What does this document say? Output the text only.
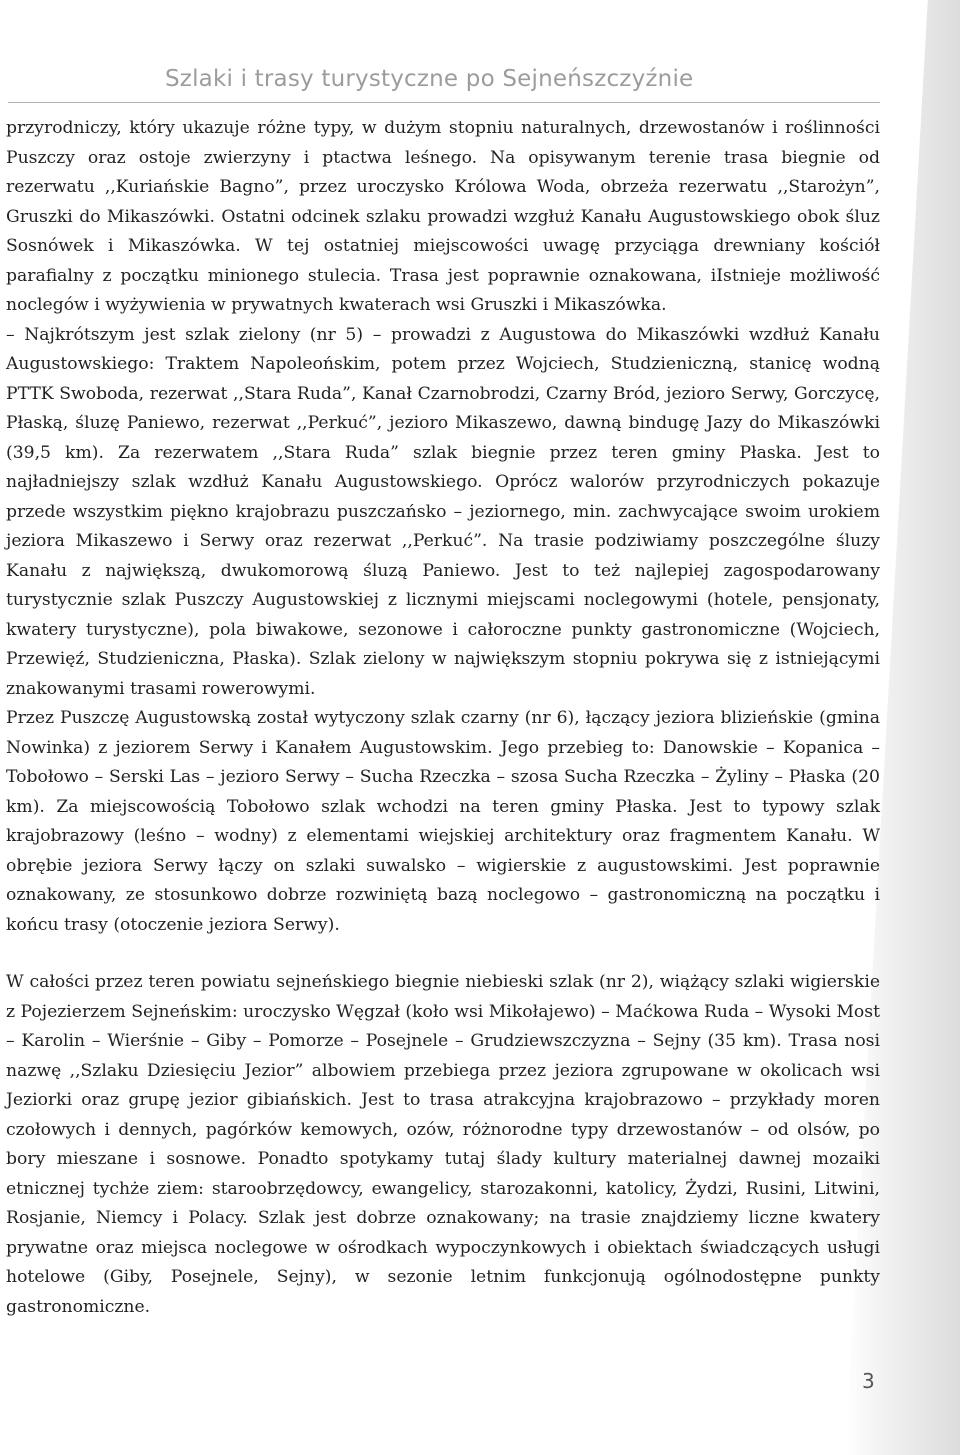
Szlaki i trasy turystyczne po Sejneńszczyźnie

przyrodniczy, który ukazuje różne typy, w dużym stopniu naturalnych, drzewostanów i roślinności Puszczy oraz ostoje zwierzyny i ptactwa leśnego. Na opisywanym terenie trasa biegnie od rezerwatu ,,Kuriańskie Bagno”, przez uroczysko Królowa Woda, obrzeża rezerwatu ,,Starożyn”, Gruszki do Mikaszówki. Ostatni odcinek szlaku prowadzi wzgłuż Kanału Augustowskiego obok śluz Sosnówek i Mikaszówka. W tej ostatniej miejscowości uwagę przyciąga drewniany kościół parafialny z początku minionego stulecia. Trasa jest poprawnie oznakowana, iIstnieje możliwość noclegów i wyżywienia w prywatnych kwaterach wsi Gruszki i Mikaszówka.

– Najkrótszym jest szlak zielony (nr 5) – prowadzi z Augustowa do Mikaszówki wzdłuż Kanału Augustowskiego: Traktem Napoleońskim, potem przez Wojciech, Studzieniczną, stanicę wodną PTTK Swoboda, rezerwat ,,Stara Ruda”, Kanał Czarnobrodzi, Czarny Bród, jezioro Serwy, Gorczycę, Płaską, śluzę Paniewo, rezerwat ,,Perkuć”, jezioro Mikaszewo, dawną bindugę Jazy do Mikaszówki (39,5 km). Za rezerwatem ,,Stara Ruda” szlak biegnie przez teren gminy Płaska. Jest to najładniejszy szlak wzdłuż Kanału Augustowskiego. Oprócz walorów przyrodniczych pokazuje przede wszystkim piękno krajobrazu puszczańsko – jeziornego, min. zachwycające swoim urokiem jeziora Mikaszewo i Serwy oraz rezerwat ,,Perkuć”. Na trasie podziwiamy poszczególne śluzy Kanału z największą, dwukomorową śluzą Paniewo. Jest to też najlepiej zagospodarowany turystycznie szlak Puszczy Augustowskiej z licznymi miejscami noclegowymi (hotele, pensjonaty, kwatery turystyczne), pola biwakowe, sezonowe i całoroczne punkty gastronomiczne (Wojciech, Przewięź, Studzieniczna, Płaska). Szlak zielony w największym stopniu pokrywa się z istniejącymi znakowanymi trasami rowerowymi.

Przez Puszczę Augustowską został wytyczony szlak czarny (nr 6), łączący jeziora blizieńskie (gmina Nowinka) z jeziorem Serwy i Kanałem Augustowskim. Jego przebieg to: Danowskie – Kopanica – Tobołowo – Serski Las – jezioro Serwy – Sucha Rzeczka – szosa Sucha Rzeczka – Żyliny – Płaska (20 km). Za miejscowością Tobołowo szlak wchodzi na teren gminy Płaska. Jest to typowy szlak krajobrazowy (leśno – wodny) z elementami wiejskiej architektury oraz fragmentem Kanału. W obrębie jeziora Serwy łączy on szlaki suwalsko – wigierskie z augustowskimi. Jest poprawnie oznakowany, ze stosunkowo dobrze rozwiniętą bazą noclegowo – gastronomiczną na początku i końcu trasy (otoczenie jeziora Serwy).

W całości przez teren powiatu sejneńskiego biegnie niebieski szlak (nr 2), wiążący szlaki wigierskie z Pojezierzem Sejneńskim: uroczysko Węgzał (koło wsi Mikołajewo) – Maćkowa Ruda – Wysoki Most – Karolin – Wierśnie – Giby – Pomorze – Posejnele – Grudziewszczyzna – Sejny (35 km). Trasa nosi nazwę ,,Szlaku Dziesięciu Jezior” albowiem przebiega przez jeziora zgrupowane w okolicach wsi Jeziorki oraz grupę jezior gibiańskich. Jest to trasa atrakcyjna krajobrazowo – przykłady moren czołowych i dennych, pagórków kemowych, ozów, różnorodne typy drzewostanów – od olsów, po bory mieszane i sosnowe. Ponadto spotykamy tutaj ślady kultury materialnej dawnej mozaiki etnicznej tychże ziem: staroobrzędowcy, ewangelicy, starozakonni, katolicy, Żydzi, Rusini, Litwini, Rosjanie, Niemcy i Polacy. Szlak jest dobrze oznakowany; na trasie znajdziemy liczne kwatery prywatne oraz miejsca noclegowe w ośrodkach wypoczynkowych i obiektach świadczących usługi hotelowe (Giby, Posejnele, Sejny), w sezonie letnim funkcjonują ogólnodostępne punkty gastronomiczne.

3
